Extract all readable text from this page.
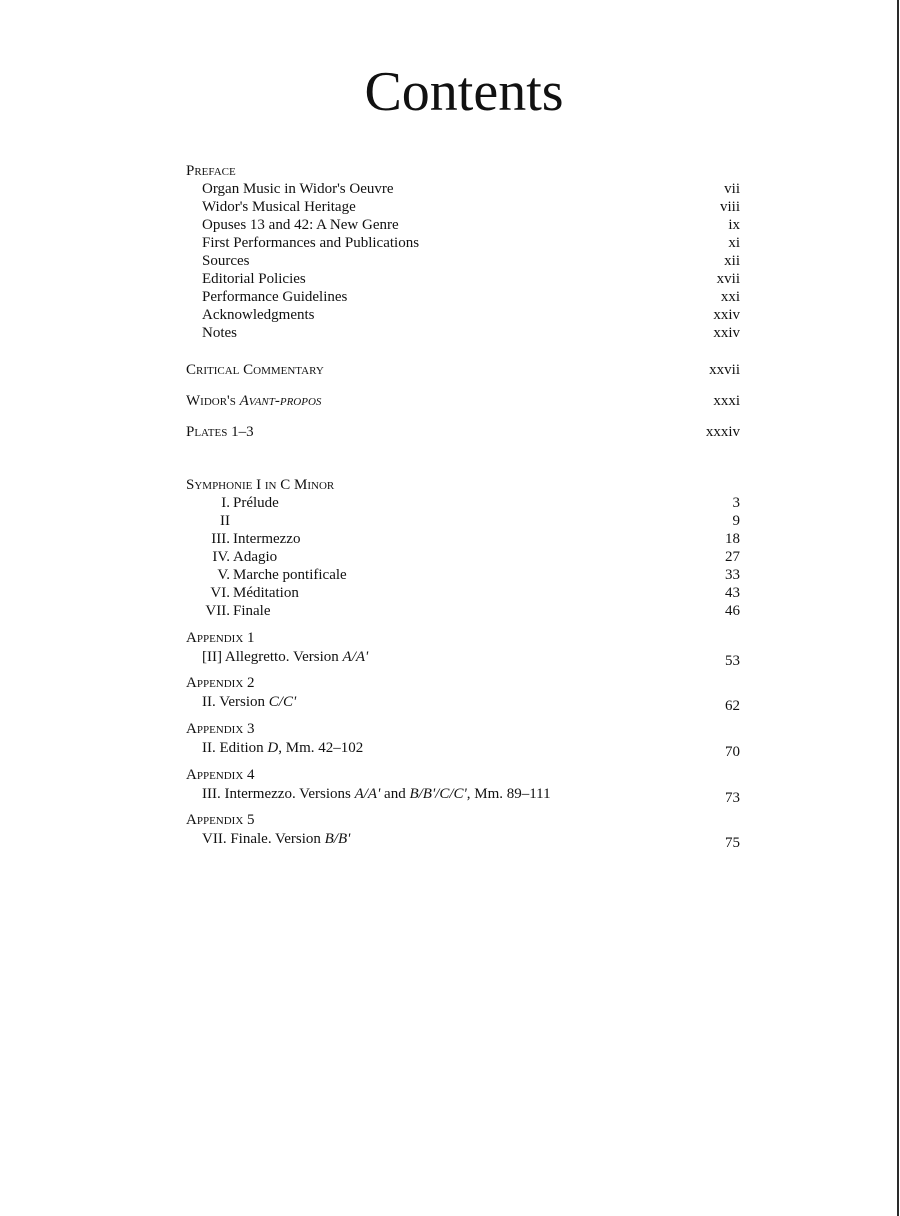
Contents
Preface
Organ Music in Widor's Oeuvre	vii
Widor's Musical Heritage	viii
Opuses 13 and 42: A New Genre	ix
First Performances and Publications	xi
Sources	xii
Editorial Policies	xvii
Performance Guidelines	xxi
Acknowledgments	xxiv
Notes	xxiv
Critical Commentary	xxvii
Widor's Avant-propos	xxxi
Plates 1–3	xxxiv
Symphonie I in C Minor
I. Prélude	3
II	9
III. Intermezzo	18
IV. Adagio	27
V. Marche pontificale	33
VI. Méditation	43
VII. Finale	46
Appendix 1
[II] Allegretto. Version A/A'	53
Appendix 2
II. Version C/C'	62
Appendix 3
II. Edition D, Mm. 42–102	70
Appendix 4
III. Intermezzo. Versions A/A' and B/B'/C/C', Mm. 89–111	73
Appendix 5
VII. Finale. Version B/B'	75
